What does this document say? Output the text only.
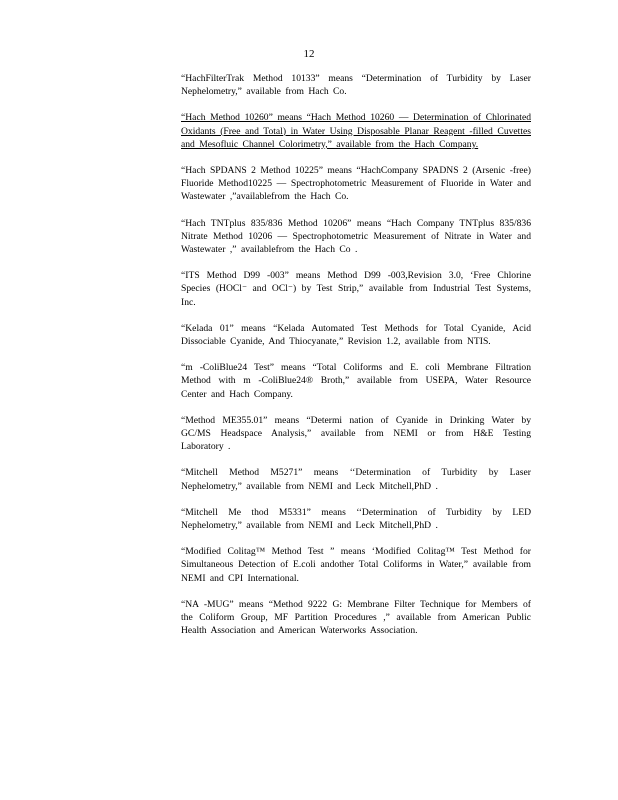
12

“HachFilterTrak Method 10133” means “Determination of Turbidity by Laser Nephelometry,” available from Hach Co.

“Hach Method 10260” means “Hach Method 10260 — Determination of Chlorinated Oxidants (Free and Total) in Water Using Disposable Planar Reagent -filled Cuvettes and Mesofluic Channel Colorimetry,” available from the Hach Company.

“Hach SPDANS 2 Method 10225” means “HachCompany SPADNS 2 (Arsenic -free) Fluoride Method10225 — Spectrophotometric Measurement of Fluoride in Water and Wastewater ,”availablefrom the Hach Co.

“Hach TNTplus 835/836 Method 10206” means “Hach Company TNTplus 835/836 Nitrate Method 10206 — Spectrophotometric Measurement of Nitrate in Water and Wastewater ,” availablefrom the Hach Co .

“ITS Method D99 -003” means Method D99 -003,Revision 3.0, ‘Free Chlorine Species (HOCl⁻ and OCl⁻) by Test Strip,” available from Industrial Test Systems, Inc.

“Kelada 01” means “Kelada Automated Test Methods for Total Cyanide, Acid Dissociable Cyanide, And Thiocyanate,” Revision 1.2, available from NTIS.

“m -ColiBlue24 Test” means “Total Coliforms and E. coli Membrane Filtration Method with m -ColiBlue24® Broth,” available from USEPA, Water Resource Center and Hach Company.

“Method ME355.01” means “Determi nation of Cyanide in Drinking Water by GC/MS Headspace Analysis,” available from NEMI or from H&E Testing Laboratory .

“Mitchell Method M5271” means ‘‘Determination of Turbidity by Laser Nephelometry,” available from NEMI and Leck Mitchell,PhD .

“Mitchell Me thod M5331” means ‘‘Determination of Turbidity by LED Nephelometry,” available from NEMI and Leck Mitchell,PhD .

“Modified Colitag™ Method Test ” means ‘Modified Colitag™ Test Method for Simultaneous Detection of E.coli andother Total Coliforms in Water,” available from NEMI and CPI International.

“NA -MUG” means “Method 9222 G: Membrane Filter Technique for Members of the Coliform Group, MF Partition Procedures ,” available from American Public Health Association and American Waterworks Association.
